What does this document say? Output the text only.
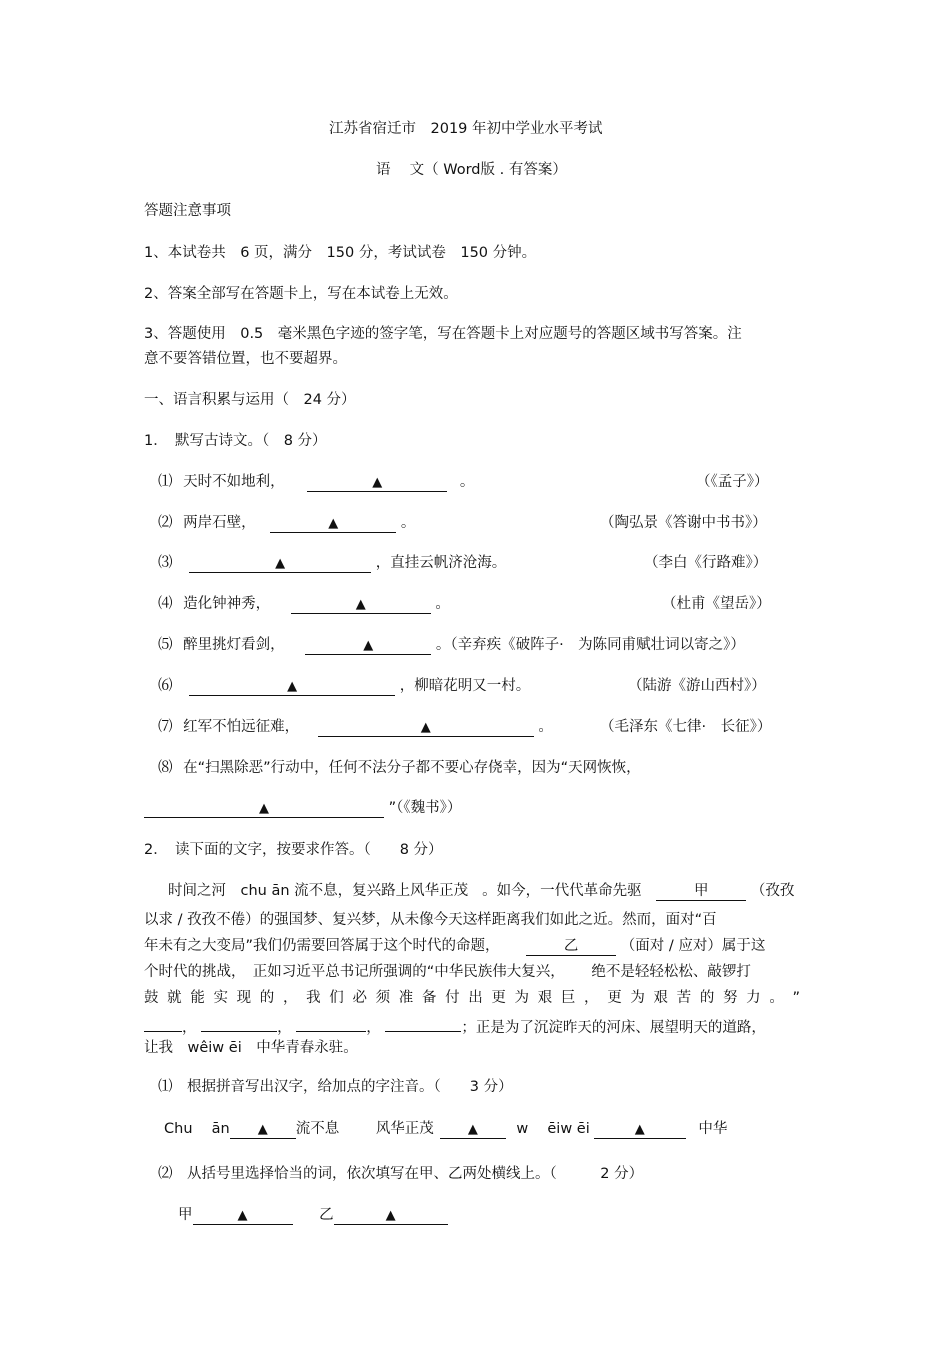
江苏省宿迁市　2019 年初中学业水平考试
语　 文（ Word版 . 有答案）
答题注意事项
1、本试卷共　6 页，满分　150 分，考试试卷　150 分钟。
2、答案全部写在答题卡上，写在本试卷上无效。
3、答题使用　0.5　毫米黑色字迹的签字笔，写在答题卡上对应题号的答题区域书写答案。注
意不要答错位置，也不要超界。
一、语言积累与运用（　24 分）
1．　默写古诗文。（　8 分）
⑴ 天时不如地利，	▲	。	（《孟子》）
⑵ 两岸石壁，	▲	。	（陶弘景《答谢中书书》）
⑶	▲	，直挂云帆济沧海。	（李白《行路难》）
⑷ 造化钟神秀，	▲	。	（杜甫《望岳》）
⑸ 醉里挑灯看剑，	▲	。（辛弃疾《破阵子·　为陈同甫赋壮词以寄之》）
⑹	▲	，柳暗花明又一村。	（陆游《游山西村》）
⑺ 红军不怕远征难，	▲	。	（毛泽东《七律·　长征》）
⑻ 在“扫黑除恶”行动中，任何不法分子都不要心存侥幸，因为“天网恢恢，
▲	”（《魏书》）
2．　读下面的文字，按要求作答。（　　8 分）
时间之河　chu ān 流不息，复兴路上风华正茂 。如今，一代代革命先驱	甲	（孜孜
以求 / 孜孜不倦）的强国梦、复兴梦，从未像今天这样距离我们如此之近。然而，面对“百
年未有之大变局”我们仍需要回答属于这个时代的命题，	乙	（面对 / 应对）属于这
个时代的挑战，　正如习近平总书记所强调的“中华民族伟大复兴， 绝不是轻轻松松、敲锣打
鼓 就 能 实 现 的 ， 我 们 必 须 准 备 付 出 更 为 艰 巨 ， 更 为 艰 苦 的 努 力 。 ”
，	，	，	；正是为了沉淀昨天的河床、展望明天的道路，
让我　wêiw ēi　中华青春永驻。
⑴　根据拼音写出汉字，给加点的字注音。（　　3 分）
Chu　 ān ▲ 流不息	风华正茂	▲	w　 ēiw ēi	▲	中华
⑵　从括号里选择恰当的词，依次填写在甲、乙两处横线上。（　　　2 分）
甲	▲	乙	▲
